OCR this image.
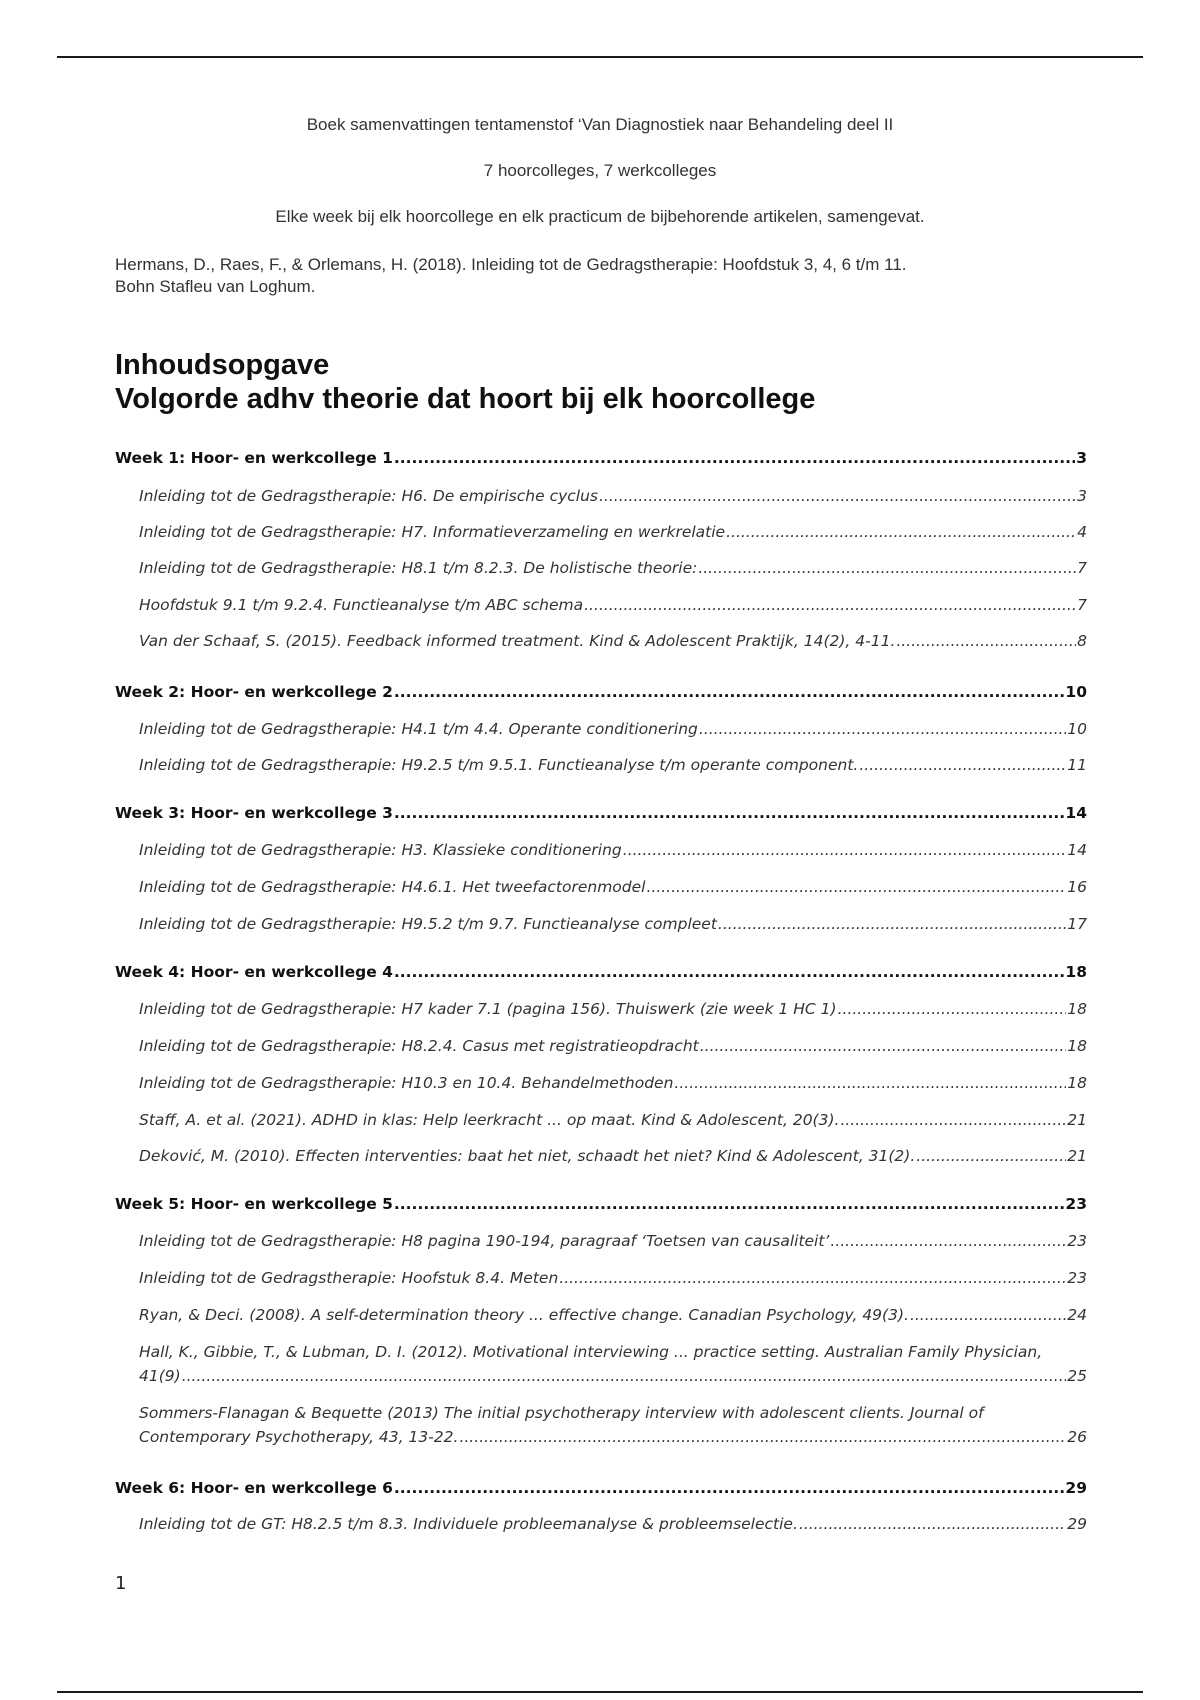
Boek samenvattingen tentamenstof ‘Van Diagnostiek naar Behandeling deel II

7 hoorcolleges, 7 werkcolleges

Elke week bij elk hoorcollege en elk practicum de bijbehorende artikelen, samengevat.

Hermans, D., Raes, F., & Orlemans, H. (2018). Inleiding tot de Gedragstherapie: Hoofdstuk 3, 4, 6 t/m 11.

Bohn Stafleu van Loghum.

Inhoudsopgave
Volgorde adhv theorie dat hoort bij elk hoorcollege
Week 1: Hoor- en werkcollege 1 .....	3
Inleiding tot de Gedragstherapie: H6. De empirische cyclus .....	3
Inleiding tot de Gedragstherapie: H7. Informatieverzameling en werkrelatie .....	4
Inleiding tot de Gedragstherapie: H8.1 t/m 8.2.3. De holistische theorie: .....	7
Hoofdstuk 9.1 t/m 9.2.4. Functieanalyse t/m ABC schema .....	7
Van der Schaaf, S. (2015). Feedback informed treatment. Kind & Adolescent Praktijk, 14(2), 4-11. .....	8
Week 2: Hoor- en werkcollege 2 .....	10
Inleiding tot de Gedragstherapie: H4.1 t/m 4.4. Operante conditionering .....	10
Inleiding tot de Gedragstherapie: H9.2.5 t/m 9.5.1. Functieanalyse t/m operante component. .....	11
Week 3: Hoor- en werkcollege 3 .....	14
Inleiding tot de Gedragstherapie: H3. Klassieke conditionering .....	14
Inleiding tot de Gedragstherapie: H4.6.1. Het tweefactorenmodel .....	16
Inleiding tot de Gedragstherapie: H9.5.2 t/m 9.7. Functieanalyse compleet .....	17
Week 4: Hoor- en werkcollege 4 .....	18
Inleiding tot de Gedragstherapie: H7 kader 7.1 (pagina 156). Thuiswerk (zie week 1 HC 1) .....	18
Inleiding tot de Gedragstherapie: H8.2.4. Casus met registratieopdracht .....	18
Inleiding tot de Gedragstherapie: H10.3 en 10.4. Behandelmethoden .....	18
Staff, A. et al. (2021). ADHD in klas: Help leerkracht ... op maat. Kind & Adolescent, 20(3). .....	21
Deković, M. (2010). Effecten interventies: baat het niet, schaadt het niet? Kind & Adolescent, 31(2). .....	21
Week 5: Hoor- en werkcollege 5 .....	23
Inleiding tot de Gedragstherapie: H8 pagina 190-194, paragraaf ‘Toetsen van causaliteit’ .....	23
Inleiding tot de Gedragstherapie: Hoofstuk 8.4. Meten .....	23
Ryan, & Deci. (2008). A self-determination theory ... effective change. Canadian Psychology, 49(3). .....	24
Hall, K., Gibbie, T., & Lubman, D. I. (2012). Motivational interviewing ... practice setting. Australian Family Physician,
41(9) .....	25
Sommers-Flanagan & Bequette (2013) The initial psychotherapy interview with adolescent clients. Journal of
Contemporary Psychotherapy, 43, 13-22. .....	26
Week 6: Hoor- en werkcollege 6 .....	29
Inleiding tot de GT: H8.2.5 t/m 8.3. Individuele probleemanalyse & probleemselectie. .....	29
1
